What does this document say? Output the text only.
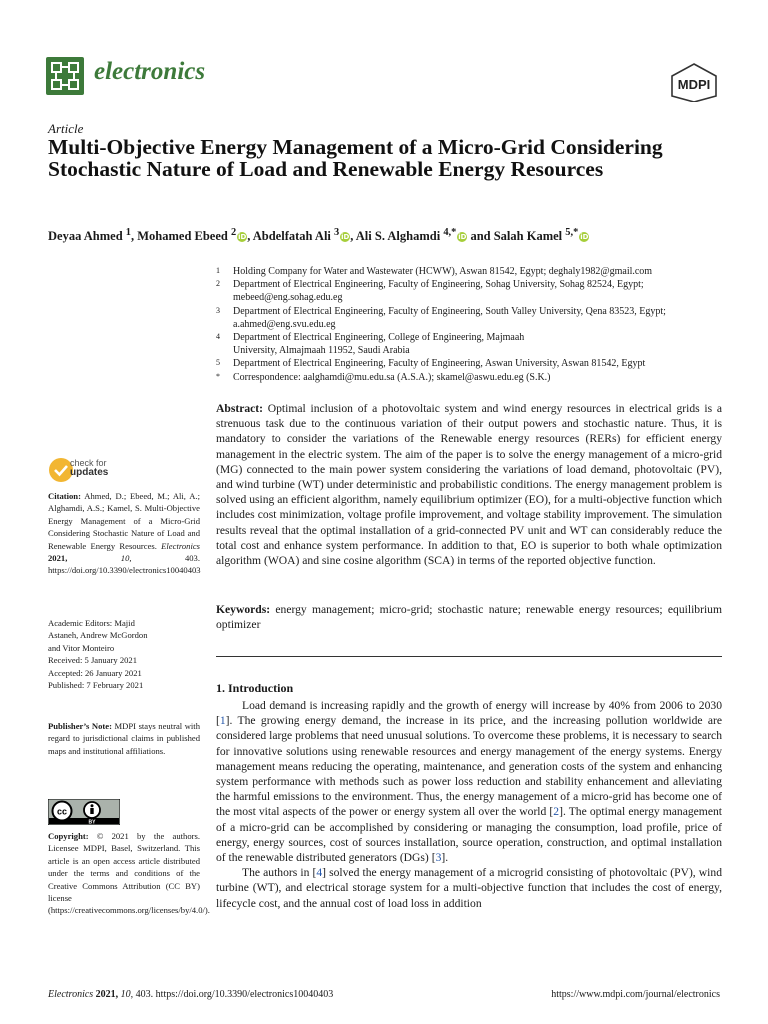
electronics	MDPI
Article
Multi-Objective Energy Management of a Micro-Grid Considering Stochastic Nature of Load and Renewable Energy Resources
Deyaa Ahmed $^1$, Mohamed Ebeed $^2$ iD, Abdelfatah Ali $^3$ iD, Ali S. Alghamdi $^{4,*}$ iD and Salah Kamel $^{5,*}$ iD
1	Holding Company for Water and Wastewater (HCWW), Aswan 81542, Egypt; deghaly1982@gmail.com
2	Department of Electrical Engineering, Faculty of Engineering, Sohag University, Sohag 82524, Egypt; mebeed@eng.sohag.edu.eg
3	Department of Electrical Engineering, Faculty of Engineering, South Valley University, Qena 83523, Egypt; a.ahmed@eng.svu.edu.eg
4	Department of Electrical Engineering, College of Engineering, Majmaah University, Almajmaah 11952, Saudi Arabia
5	Department of Electrical Engineering, Faculty of Engineering, Aswan University, Aswan 81542, Egypt
*	Correspondence: aalghamdi@mu.edu.sa (A.S.A.); skamel@aswu.edu.eg (S.K.)
Abstract: Optimal inclusion of a photovoltaic system and wind energy resources in electrical grids is a strenuous task due to the continuous variation of their output powers and stochastic nature. Thus, it is mandatory to consider the variations of the Renewable energy resources (RERs) for efficient energy management in the electric system. The aim of the paper is to solve the energy management of a micro-grid (MG) connected to the main power system considering the variations of load demand, photovoltaic (PV), and wind turbine (WT) under deterministic and probabilistic conditions. The energy management problem is solved using an efficient algorithm, namely equilibrium optimizer (EO), for a multi-objective function which includes cost minimization, voltage profile improvement, and voltage stability improvement. The simulation results reveal that the optimal installation of a grid-connected PV unit and WT can considerably reduce the total cost and enhance system performance. In addition to that, EO is superior to both whale optimization algorithm (WOA) and sine cosine algorithm (SCA) in terms of the reported objective function.
Keywords: energy management; micro-grid; stochastic nature; renewable energy resources; equilibrium optimizer
1. Introduction

Load demand is increasing rapidly and the growth of energy will increase by 40% from 2006 to 2030 [1]. The growing energy demand, the increase in its price, and the increasing pollution worldwide are considered large problems that need unusual solutions. To overcome these problems, it is necessary to search for innovative solutions using renewable resources and energy management of the energy systems. Energy management means reducing the operating, maintenance, and generation costs of the system and enhancing system performance with methods such as power loss reduction and stability enhancement and alleviating the harmful emissions to the environment. Thus, the energy management of a micro-grid has become one of the most vital aspects of the power or energy system all over the world [2]. The optimal energy management of a micro-grid can be accomplished by considering or managing the consumption, load profile, price of energy, energy sources, cost of sources installation, source operation, construction, and optimal installation of the renewable distributed generators (DGs) [3].

The authors in [4] solved the energy management of a microgrid consisting of photovoltaic (PV), wind turbine (WT), and electrical storage system for a multi-objective function that includes the cost of energy, lifecycle cost, and the annual cost of load loss in addition

check for
updates
Citation: Ahmed, D.; Ebeed, M.; Ali, A.; Alghamdi, A.S.; Kamel, S. Multi-Objective Energy Management of a Micro-Grid Considering Stochastic Nature of Load and Renewable Energy Resources. Electronics 2021,	10,	403. https://doi.org/10.3390/electronics10040403
Academic Editors: Majid Astaneh, Andrew McGordon and Vitor Monteiro
Received: 5 January 2021
Accepted: 26 January 2021
Published: 7 February 2021
Publisher’s Note: MDPI stays neutral with regard to jurisdictional claims in published maps and institutional affiliations.
cc
BY
Copyright: © 2021 by the authors. Licensee MDPI, Basel, Switzerland. This article is an open access article distributed under the terms and conditions of the Creative Commons Attribution (CC BY) license (https://creativecommons.org/licenses/by/4.0/).
Electronics 2021, 10, 403. https://doi.org/10.3390/electronics10040403	https://www.mdpi.com/journal/electronics
